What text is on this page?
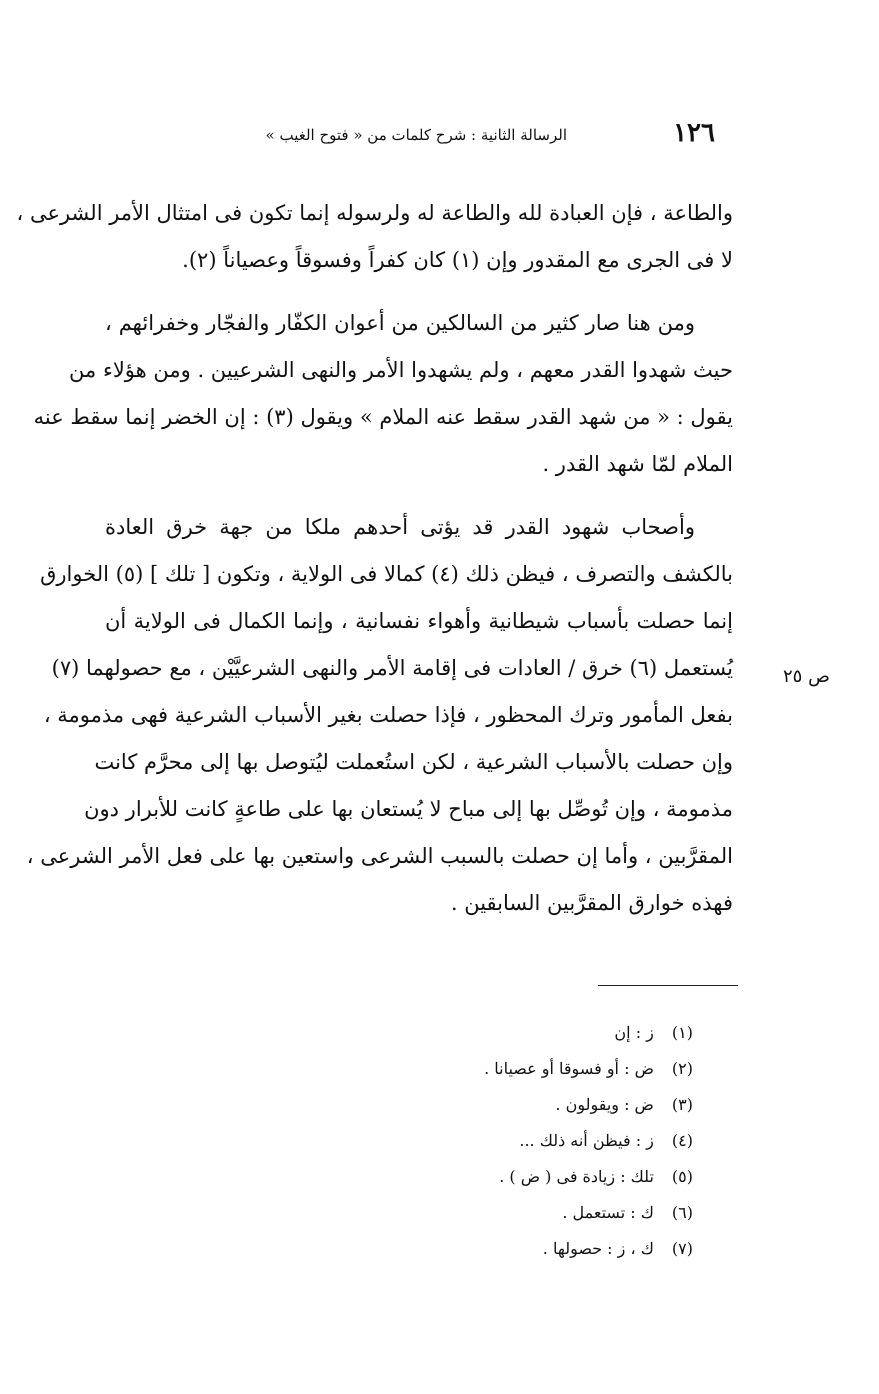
١٢٦
الرسالة الثانية : شرح كلمات من « فتوح الغيب »
والطاعة ، فإن العبادة لله والطاعة له ولرسوله إنما تكون فى امتثال الأمر الشرعى ،
لا فى الجرى مع المقدور وإن (١) كان كفراً وفسوقاً وعصياناً (٢).
ومن هنا صار كثير من السالكين من أعوان الكفّار والفجّار وخفرائهم ،
حيث شهدوا القدر معهم ، ولم يشهدوا الأمر والنهى الشرعيين . ومن هؤلاء من
يقول : « من شهد القدر سقط عنه الملام » ويقول (٣) : إن الخضر إنما سقط عنه
الملام لمّا شهد القدر .
وأصحاب شهود القدر قد يؤتى أحدهم ملكا من جهة خرق العادة
بالكشف والتصرف ، فيظن ذلك (٤) كمالا فى الولاية ، وتكون [ تلك ] (٥) الخوارق
إنما حصلت بأسباب شيطانية وأهواء نفسانية ، وإنما الكمال فى الولاية أن
يُستعمل (٦) خرق / العادات فى إقامة الأمر والنهى الشرعيَّيْن ، مع حصولهما (٧)
بفعل المأمور وترك المحظور ، فإذا حصلت بغير الأسباب الشرعية فهى مذمومة ،
وإن حصلت بالأسباب الشرعية ، لكن استُعملت ليُتوصل بها إلى محرَّم كانت
مذمومة ، وإن تُوصِّل بها إلى مباح لا يُستعان بها على طاعةٍ كانت للأبرار دون
المقرَّبين ، وأما إن حصلت بالسبب الشرعى واستعين بها على فعل الأمر الشرعى ،
فهذه خوارق المقرَّبين السابقين .
ص ٢٥
(١) ز : إن
(٢) ض : أو فسوقا أو عصيانا .
(٣) ض : ويقولون .
(٤) ز : فيظن أنه ذلك ...
(٥) تلك : زيادة فى ( ض ) .
(٦) ك : تستعمل .
(٧) ك ، ز : حصولها .
